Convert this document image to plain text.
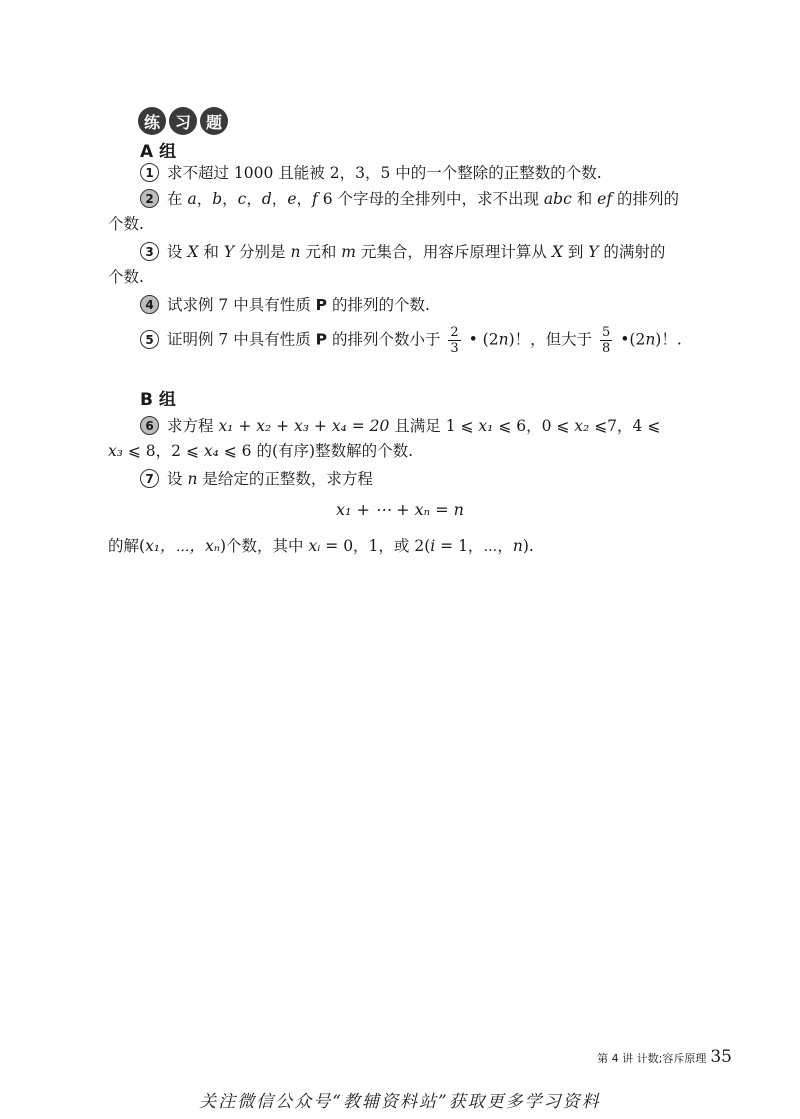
练 习 题
A 组
1 求不超过 1000 且能被 2，3，5 中的一个整除的正整数的个数.
2 在 a，b，c，d，e，f 6 个字母的全排列中，求不出现 abc 和 ef 的排列的
个数.
3 设 X 和 Y 分别是 n 元和 m 元集合，用容斥原理计算从 X 到 Y 的满射的
个数.
4 试求例 7 中具有性质 P 的排列的个数.
5 证明例 7 中具有性质 P 的排列个数小于 $\frac{2}{3}$ • (2n)！，但大于 $\frac{5}{8}$ •(2n)！.
B 组
6 求方程 x₁ + x₂ + x₃ + x₄ = 20 且满足 1 ⩽ x₁ ⩽ 6，0 ⩽ x₂ ⩽7，4 ⩽
x₃ ⩽ 8，2 ⩽ x₄ ⩽ 6 的(有序)整数解的个数.
7 设 n 是给定的正整数，求方程
x₁ + ⋯ + xₙ = n
的解(x₁，⋯，xₙ)个数，其中 xᵢ = 0，1，或 2(i = 1，⋯，n).
第 4 讲 计数;容斥原理 35
关注微信公众号“教辅资料站”获取更多学习资料
